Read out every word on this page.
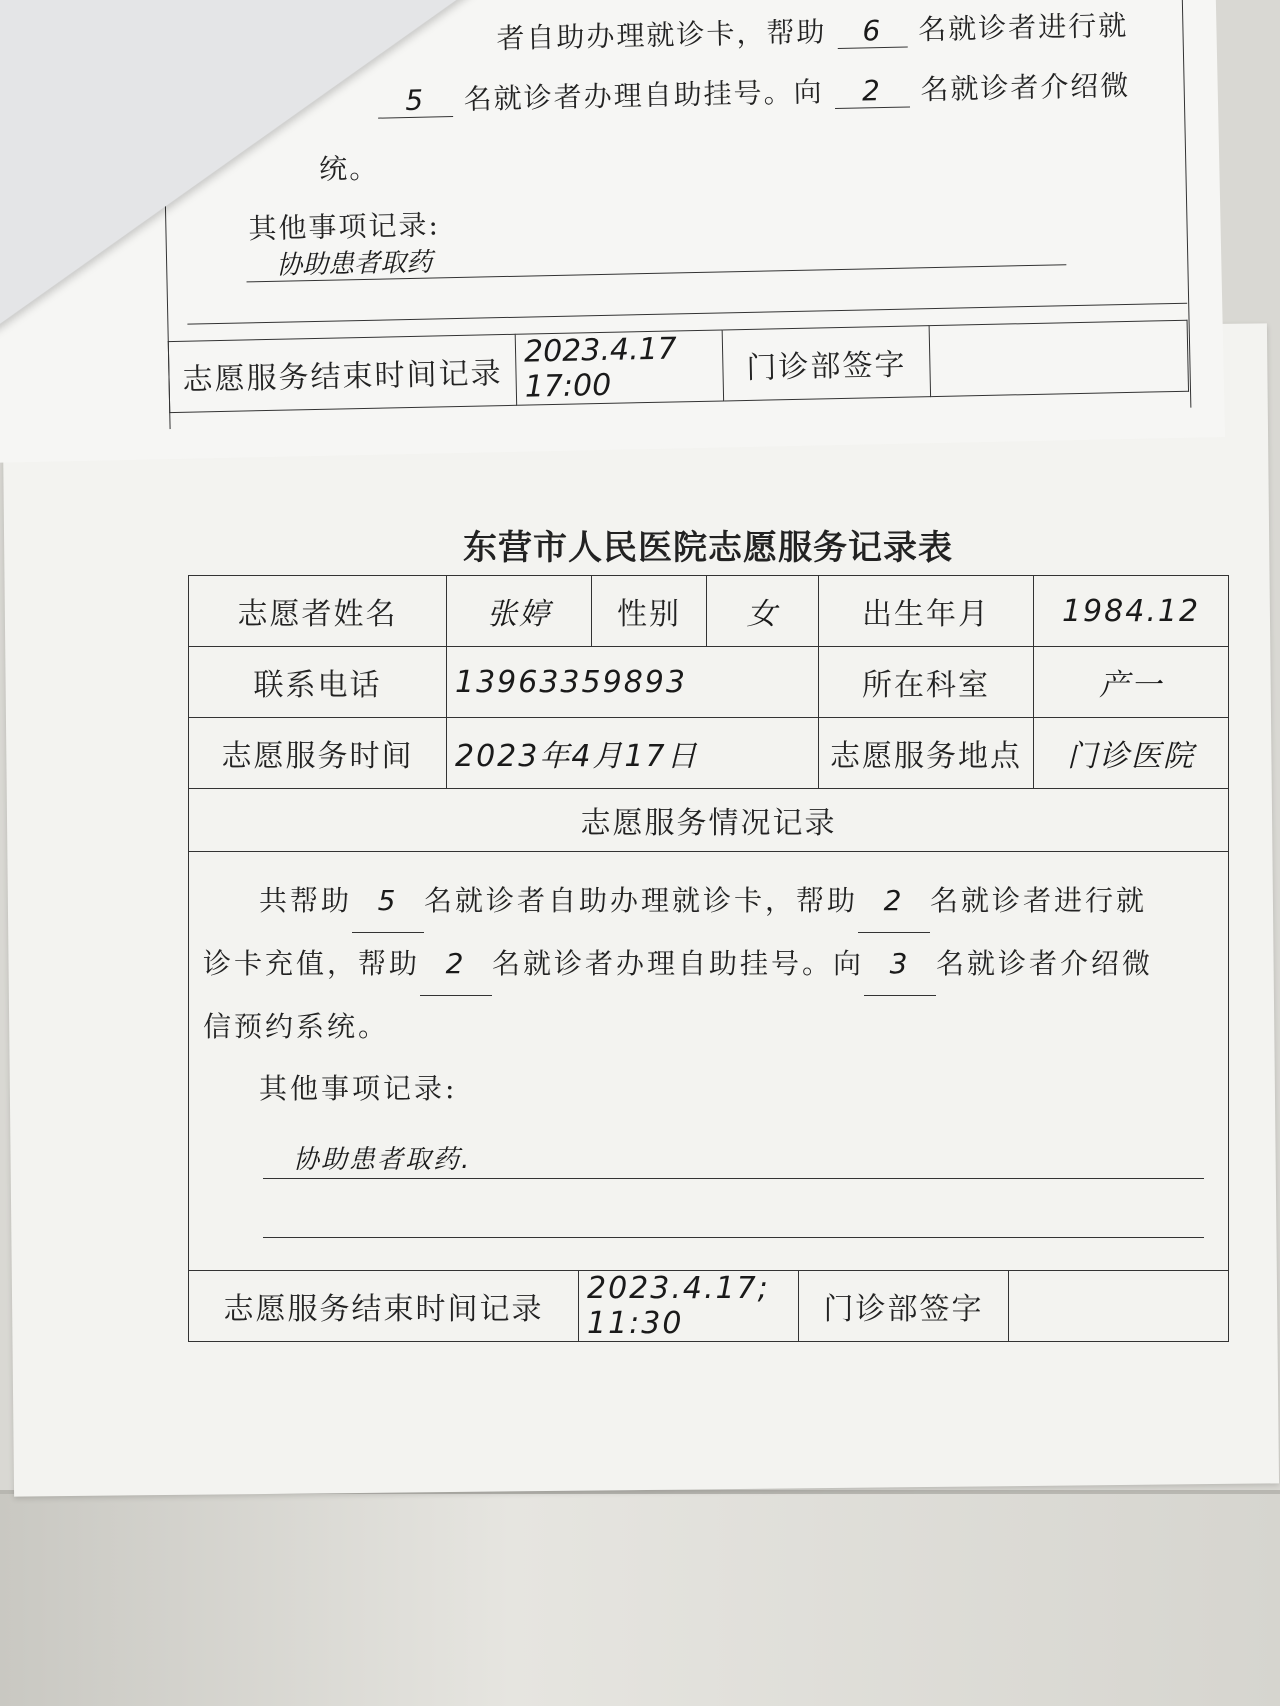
者自助办理就诊卡，帮助 6 名就诊者进行就
5 名就诊者办理自助挂号。向 2 名就诊者介绍微
统。
其他事项记录:
协助患者取药
志愿服务结束时间记录	2023.4.17 17:00	门诊部签字	
东营市人民医院志愿服务记录表
志愿者姓名	张婷	性别	女	出生年月	1984.12
联系电话	13963359893			所在科室	产一
志愿服务时间	2023年4月17日			志愿服务地点	门诊医院
志愿服务情况记录					

共帮助 5 名就诊者自助办理就诊卡，帮助 2 名就诊者进行就
诊卡充值，帮助 2 名就诊者办理自助挂号。向 3 名就诊者介绍微
信预约系统。
其他事项记录:
协助患者取药.					
志愿服务结束时间记录	2023.4.17; 11:30	门诊部签字	
